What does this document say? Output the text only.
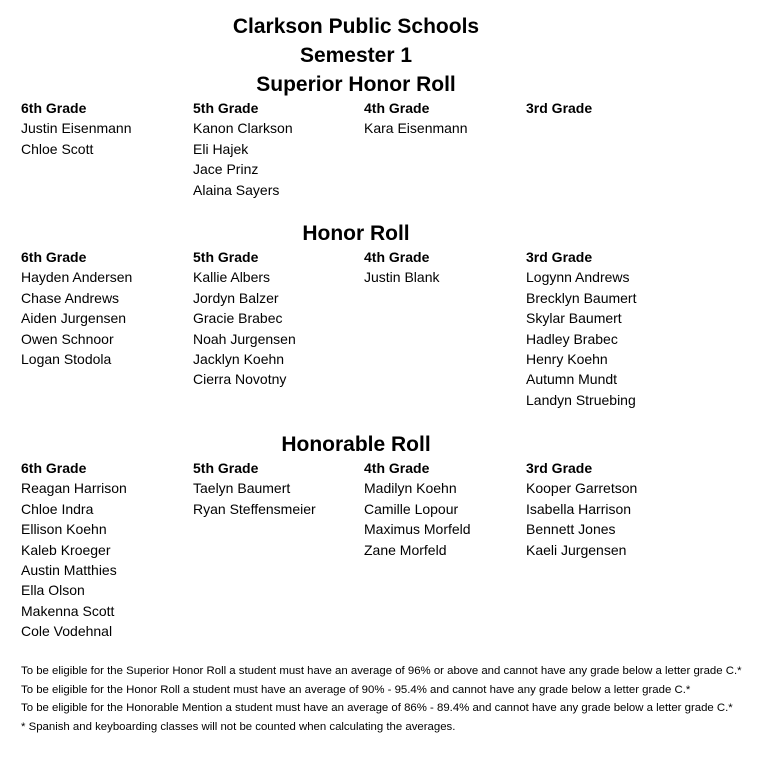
Clarkson Public Schools
Semester 1
Superior Honor Roll
6th Grade
Justin Eisenmann
Chloe Scott
5th Grade
Kanon Clarkson
Eli Hajek
Jace Prinz
Alaina Sayers
4th Grade
Kara Eisenmann
3rd Grade
Honor Roll
6th Grade
Hayden Andersen
Chase Andrews
Aiden Jurgensen
Owen Schnoor
Logan Stodola
5th Grade
Kallie Albers
Jordyn Balzer
Gracie Brabec
Noah Jurgensen
Jacklyn Koehn
Cierra Novotny
4th Grade
Justin Blank
3rd Grade
Logynn Andrews
Brecklyn Baumert
Skylar Baumert
Hadley Brabec
Henry Koehn
Autumn Mundt
Landyn Struebing
Honorable Roll
6th Grade
Reagan Harrison
Chloe Indra
Ellison Koehn
Kaleb Kroeger
Austin Matthies
Ella Olson
Makenna Scott
Cole Vodehnal
5th Grade
Taelyn Baumert
Ryan Steffensmeier
4th Grade
Madilyn Koehn
Camille Lopour
Maximus Morfeld
Zane Morfeld
3rd Grade
Kooper Garretson
Isabella Harrison
Bennett Jones
Kaeli Jurgensen
To be eligible for the Superior Honor Roll a student must have an average of 96% or above and cannot have any grade below a letter grade C.*
To be eligible for the Honor Roll a student must have an average of 90% - 95.4% and cannot have any grade below a letter grade C.*
To be eligible for the Honorable Mention a student must have an average of 86% - 89.4% and cannot have any grade below a letter grade C.*
* Spanish and keyboarding classes will not be counted when calculating the averages.
